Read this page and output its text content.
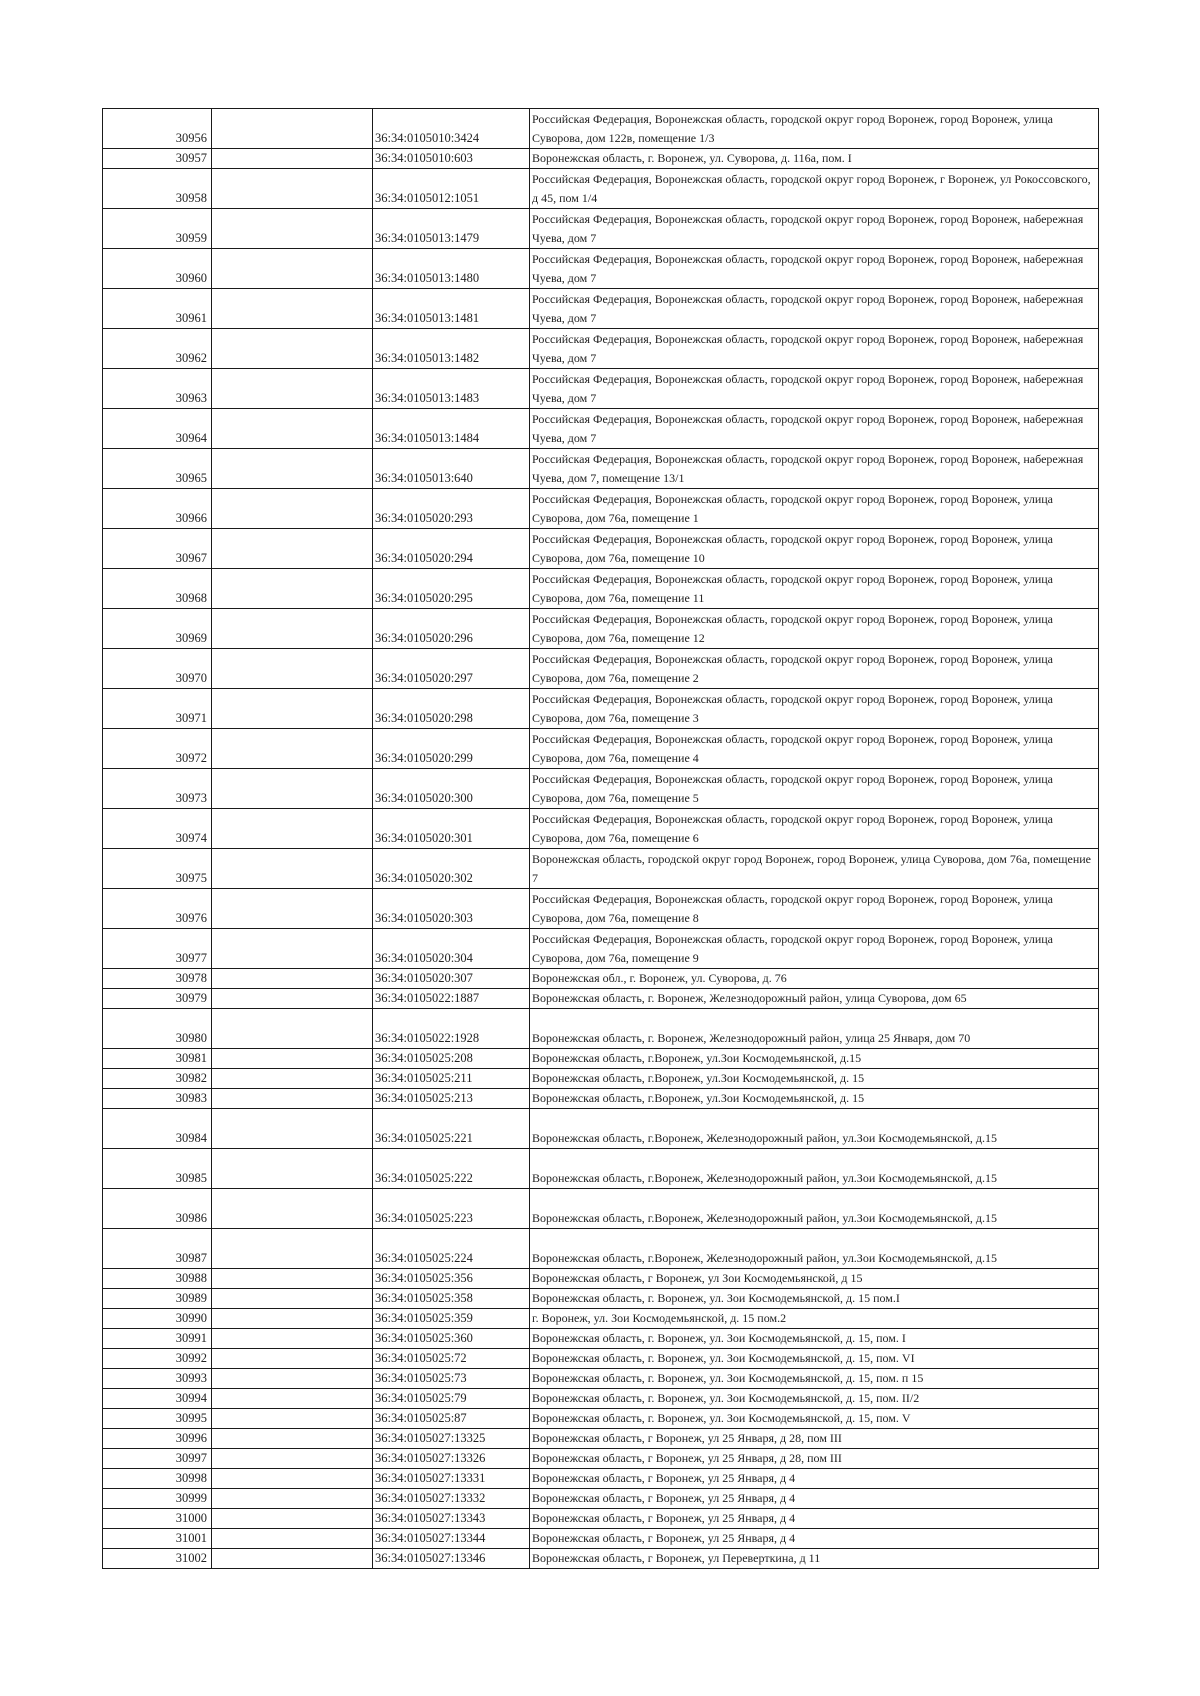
30956		36:34:0105010:3424	Российская Федерация, Воронежская область, городской округ город Воронеж, город Воронеж, улица Суворова, дом 122в, помещение 1/3
30957		36:34:0105010:603	Воронежская область, г. Воронеж, ул. Суворова, д. 116а, пом. I
30958		36:34:0105012:1051	Российская Федерация, Воронежская область, городской округ город Воронеж, г Воронеж, ул Рокоссовского, д 45, пом 1/4
30959		36:34:0105013:1479	Российская Федерация, Воронежская область, городской округ город Воронеж, город Воронеж, набережная Чуева, дом 7
30960		36:34:0105013:1480	Российская Федерация, Воронежская область, городской округ город Воронеж, город Воронеж, набережная Чуева, дом 7
30961		36:34:0105013:1481	Российская Федерация, Воронежская область, городской округ город Воронеж, город Воронеж, набережная Чуева, дом 7
30962		36:34:0105013:1482	Российская Федерация, Воронежская область, городской округ город Воронеж, город Воронеж, набережная Чуева, дом 7
30963		36:34:0105013:1483	Российская Федерация, Воронежская область, городской округ город Воронеж, город Воронеж, набережная Чуева, дом 7
30964		36:34:0105013:1484	Российская Федерация, Воронежская область, городской округ город Воронеж, город Воронеж, набережная Чуева, дом 7
30965		36:34:0105013:640	Российская Федерация, Воронежская область, городской округ город Воронеж, город Воронеж, набережная Чуева, дом 7, помещение 13/1
30966		36:34:0105020:293	Российская Федерация, Воронежская область, городской округ город Воронеж, город Воронеж, улица Суворова, дом 76а, помещение 1
30967		36:34:0105020:294	Российская Федерация, Воронежская область, городской округ город Воронеж, город Воронеж, улица Суворова, дом 76а, помещение 10
30968		36:34:0105020:295	Российская Федерация, Воронежская область, городской округ город Воронеж, город Воронеж, улица Суворова, дом 76а, помещение 11
30969		36:34:0105020:296	Российская Федерация, Воронежская область, городской округ город Воронеж, город Воронеж, улица Суворова, дом 76а, помещение 12
30970		36:34:0105020:297	Российская Федерация, Воронежская область, городской округ город Воронеж, город Воронеж, улица Суворова, дом 76а, помещение 2
30971		36:34:0105020:298	Российская Федерация, Воронежская область, городской округ город Воронеж, город Воронеж, улица Суворова, дом 76а, помещение 3
30972		36:34:0105020:299	Российская Федерация, Воронежская область, городской округ город Воронеж, город Воронеж, улица Суворова, дом 76а, помещение 4
30973		36:34:0105020:300	Российская Федерация, Воронежская область, городской округ город Воронеж, город Воронеж, улица Суворова, дом 76а, помещение 5
30974		36:34:0105020:301	Российская Федерация, Воронежская область, городской округ город Воронеж, город Воронеж, улица Суворова, дом 76а, помещение 6
30975		36:34:0105020:302	Воронежская область, городской округ город Воронеж, город Воронеж, улица Суворова, дом 76а, помещение 7
30976		36:34:0105020:303	Российская Федерация, Воронежская область, городской округ город Воронеж, город Воронеж, улица Суворова, дом 76а, помещение 8
30977		36:34:0105020:304	Российская Федерация, Воронежская область, городской округ город Воронеж, город Воронеж, улица Суворова, дом 76а, помещение 9
30978		36:34:0105020:307	Воронежская обл., г. Воронеж, ул. Суворова, д. 76
30979		36:34:0105022:1887	Воронежская область, г. Воронеж, Железнодорожный район, улица Суворова, дом 65
30980		36:34:0105022:1928	Воронежская область, г. Воронеж, Железнодорожный район, улица 25 Января, дом 70
30981		36:34:0105025:208	Воронежская область, г.Воронеж, ул.Зои Космодемьянской, д.15
30982		36:34:0105025:211	Воронежская область, г.Воронеж, ул.Зои Космодемьянской, д. 15
30983		36:34:0105025:213	Воронежская область, г.Воронеж, ул.Зои Космодемьянской, д. 15
30984		36:34:0105025:221	Воронежская область, г.Воронеж, Железнодорожный район, ул.Зои Космодемьянской, д.15
30985		36:34:0105025:222	Воронежская область, г.Воронеж, Железнодорожный район, ул.Зои Космодемьянской, д.15
30986		36:34:0105025:223	Воронежская область, г.Воронеж, Железнодорожный район, ул.Зои Космодемьянской, д.15
30987		36:34:0105025:224	Воронежская область, г.Воронеж, Железнодорожный район, ул.Зои Космодемьянской, д.15
30988		36:34:0105025:356	Воронежская область, г Воронеж, ул Зои Космодемьянской, д 15
30989		36:34:0105025:358	Воронежская область, г. Воронеж, ул. Зои Космодемьянской, д. 15 пом.I
30990		36:34:0105025:359	г. Воронеж, ул. Зои Космодемьянской, д. 15 пом.2
30991		36:34:0105025:360	Воронежская область, г. Воронеж, ул. Зои Космодемьянской, д. 15, пом. I
30992		36:34:0105025:72	Воронежская область, г. Воронеж, ул. Зои Космодемьянской, д. 15, пом. VI
30993		36:34:0105025:73	Воронежская область, г. Воронеж, ул. Зои Космодемьянской, д. 15, пом. п 15
30994		36:34:0105025:79	Воронежская область, г. Воронеж, ул. Зои Космодемьянской, д. 15, пом. II/2
30995		36:34:0105025:87	Воронежская область, г. Воронеж, ул. Зои Космодемьянской, д. 15, пом. V
30996		36:34:0105027:13325	Воронежская область, г Воронеж, ул 25 Января, д 28, пом III
30997		36:34:0105027:13326	Воронежская область, г Воронеж, ул 25 Января, д 28, пом III
30998		36:34:0105027:13331	Воронежская область, г Воронеж, ул 25 Января, д 4
30999		36:34:0105027:13332	Воронежская область, г Воронеж, ул 25 Января, д 4
31000		36:34:0105027:13343	Воронежская область, г Воронеж, ул 25 Января, д 4
31001		36:34:0105027:13344	Воронежская область, г Воронеж, ул 25 Января, д 4
31002		36:34:0105027:13346	Воронежская область, г Воронеж, ул Переверткина, д 11
